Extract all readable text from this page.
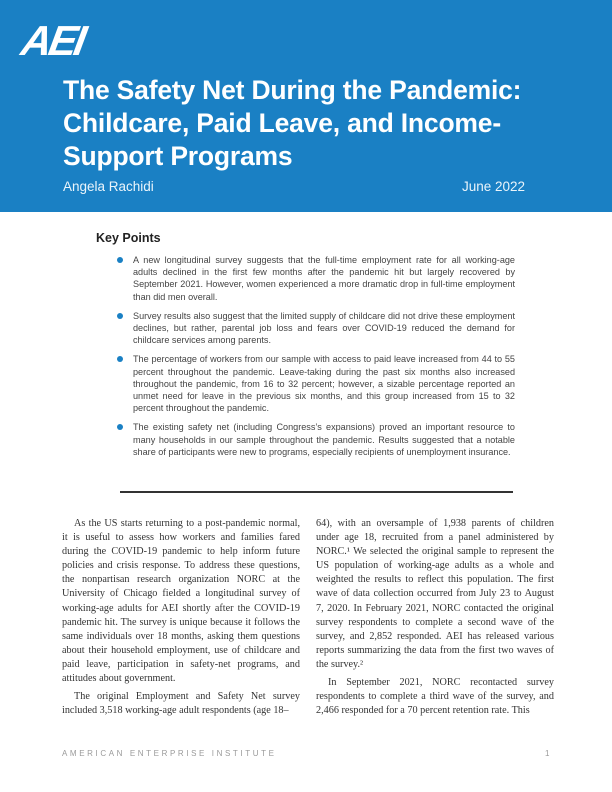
AEI
The Safety Net During the Pandemic: Childcare, Paid Leave, and Income-Support Programs
Angela Rachidi	June 2022
Key Points
A new longitudinal survey suggests that the full-time employment rate for all working-age adults declined in the first few months after the pandemic hit but largely recovered by September 2021. However, women experienced a more dramatic drop in full-time employment than did men overall.
Survey results also suggest that the limited supply of childcare did not drive these employment declines, but rather, parental job loss and fears over COVID-19 reduced the demand for childcare services among parents.
The percentage of workers from our sample with access to paid leave increased from 44 to 55 percent throughout the pandemic. Leave-taking during the past six months also increased throughout the pandemic, from 16 to 32 percent; however, a sizable percentage reported an unmet need for leave in the previous six months, and this group increased from 15 to 32 percent throughout the pandemic.
The existing safety net (including Congress’s expansions) proved an important resource to many households in our sample throughout the pandemic. Results suggested that a notable share of participants were new to programs, especially recipients of unemployment insurance.

As the US starts returning to a post-pandemic normal, it is useful to assess how workers and families fared during the COVID-19 pandemic to help inform future policies and crisis response. To address these questions, the nonpartisan research organization NORC at the University of Chicago fielded a longitudinal survey of working-age adults for AEI shortly after the COVID-19 pandemic hit. The survey is unique because it follows the same individuals over 18 months, asking them questions about their household employment, use of childcare and paid leave, participation in safety-net programs, and attitudes about government.

The original Employment and Safety Net survey included 3,518 working-age adult respondents (age 18–

64), with an oversample of 1,938 parents of children under age 18, recruited from a panel administered by NORC.¹ We selected the original sample to represent the US population of working-age adults as a whole and weighted the results to reflect this population. The first wave of data collection occurred from July 23 to August 7, 2020. In February 2021, NORC contacted the original survey respondents to complete a second wave of the survey, and 2,852 responded. AEI has released various reports summarizing the data from the first two waves of the survey.²

In September 2021, NORC recontacted survey respondents to complete a third wave of the survey, and 2,466 responded for a 70 percent retention rate. This

AMERICAN ENTERPRISE INSTITUTE	1
